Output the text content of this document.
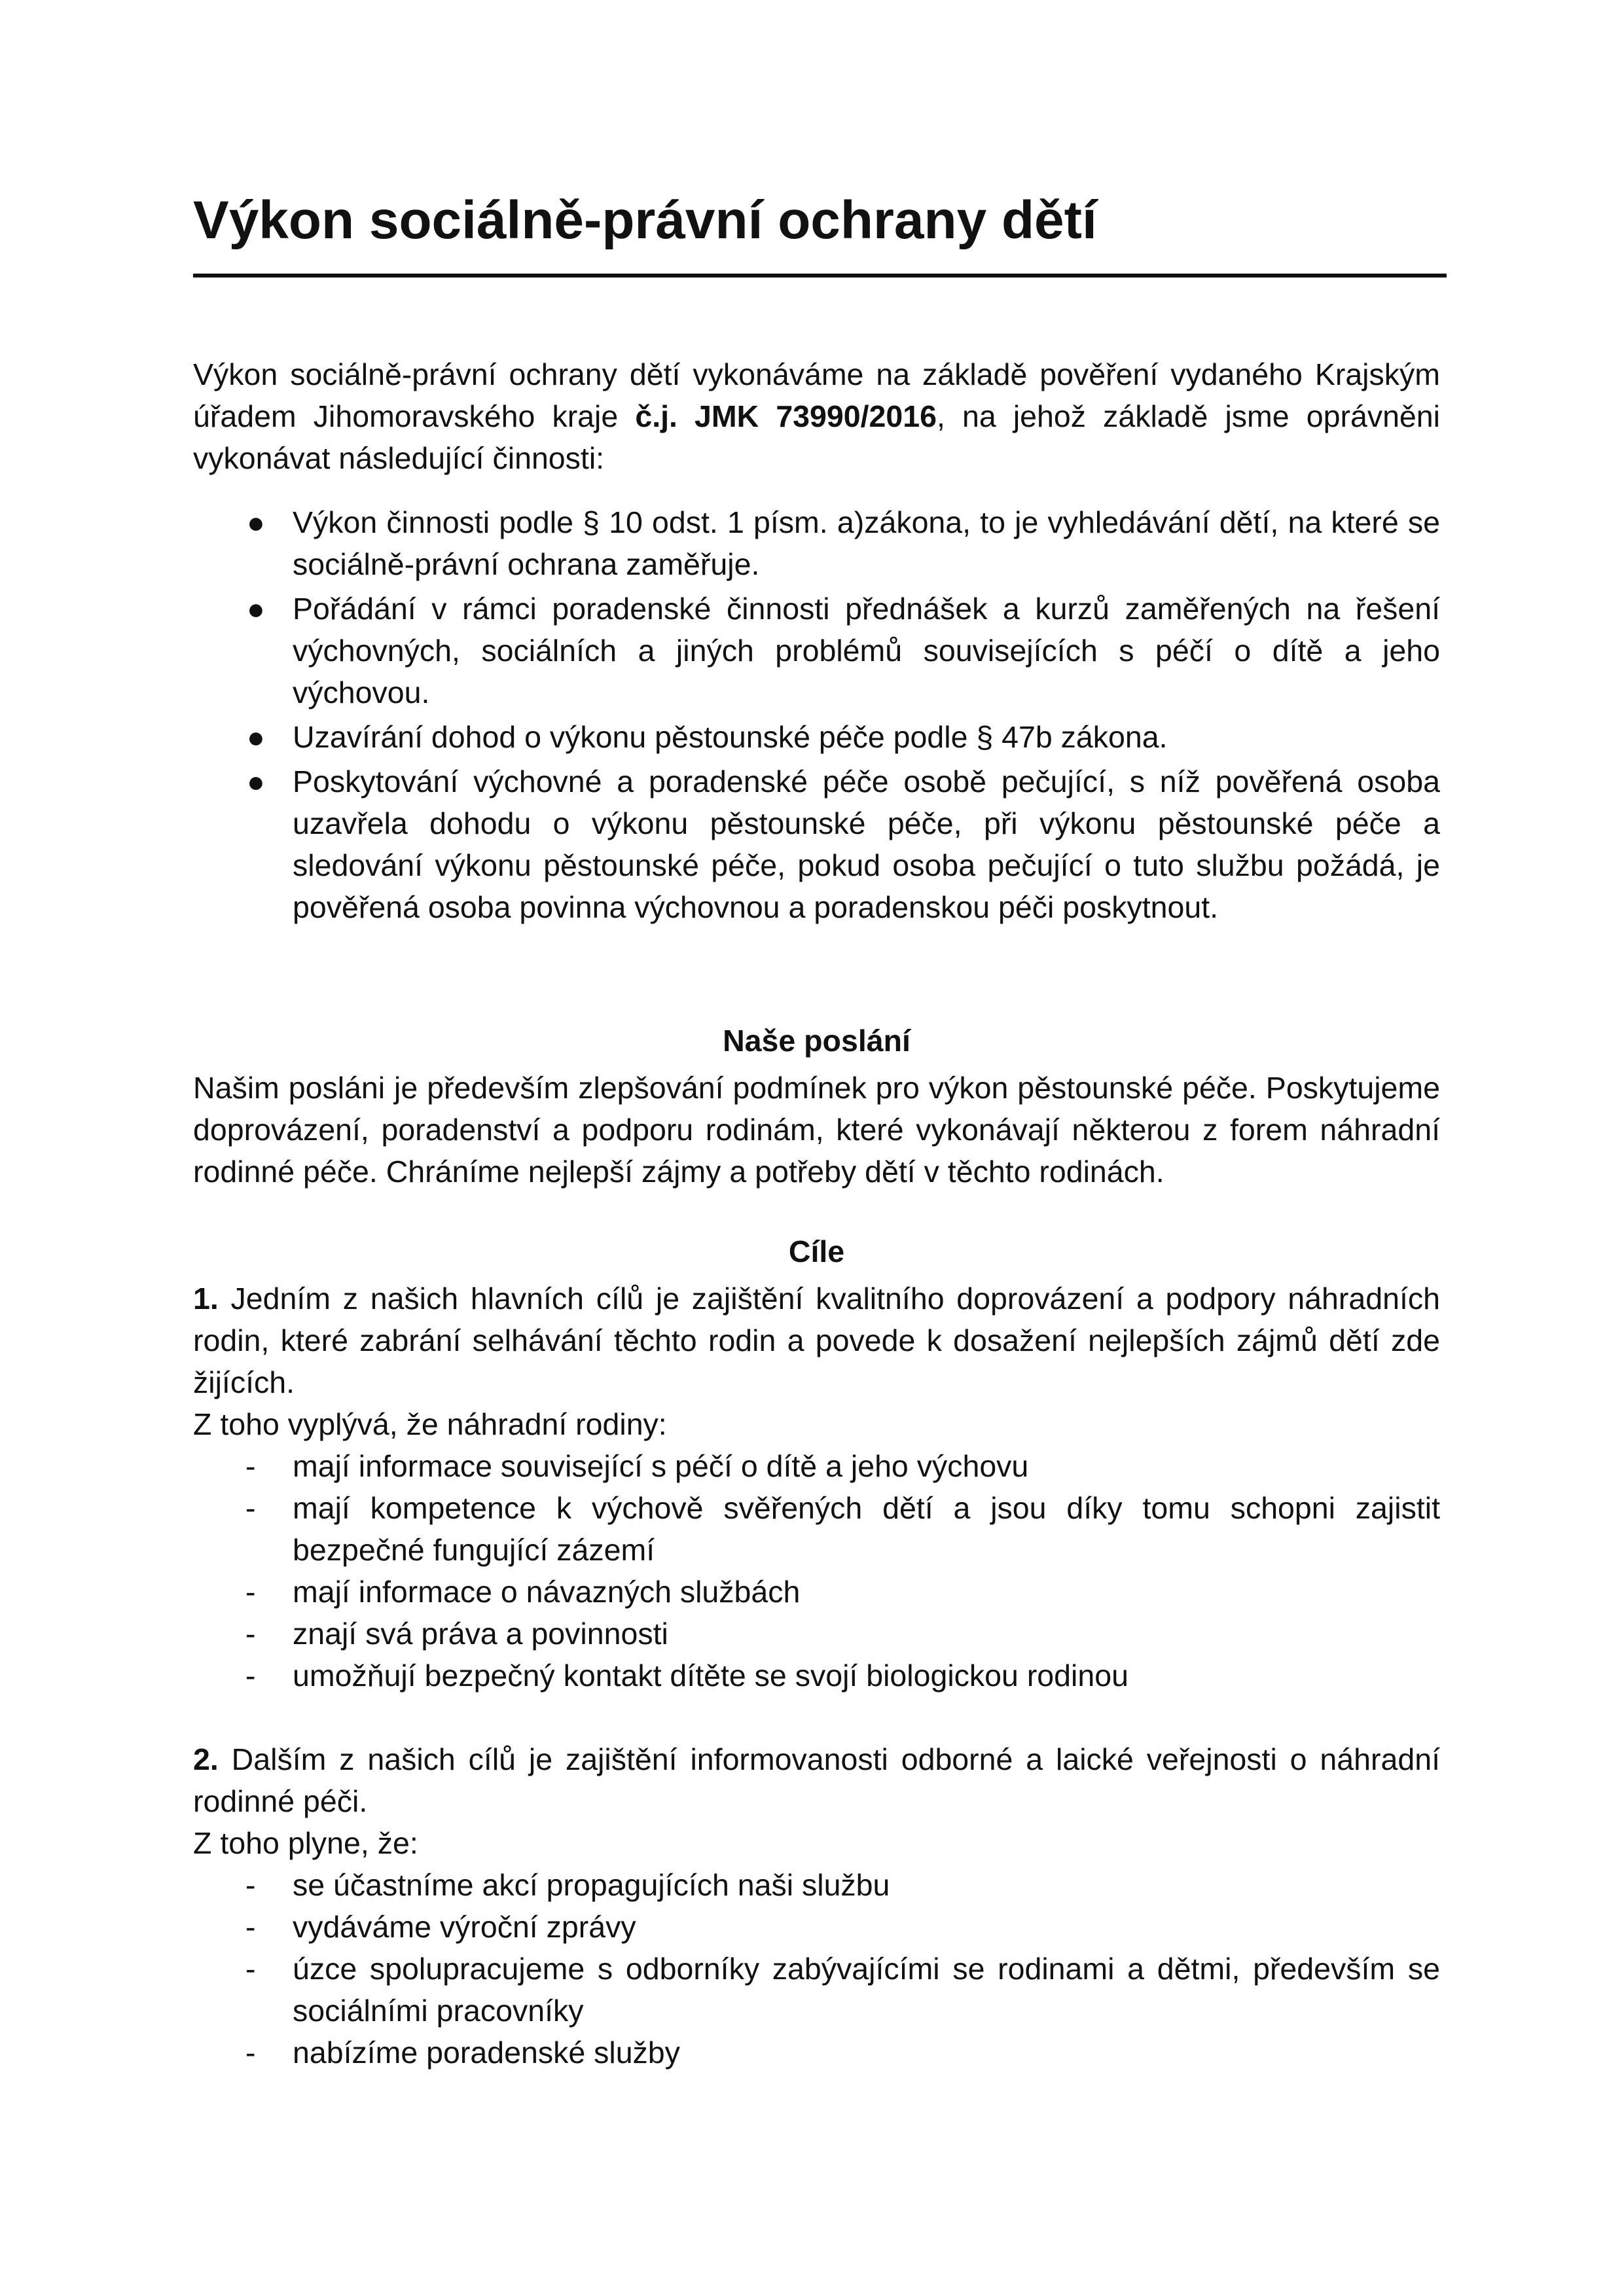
Výkon sociálně-právní ochrany dětí

Výkon sociálně-právní ochrany dětí vykonáváme na základě pověření vydaného Krajským úřadem Jihomoravského kraje č.j. JMK 73990/2016, na jehož základě jsme oprávněni vykonávat následující činnosti:

● Výkon činnosti podle § 10 odst. 1 písm. a)zákona, to je vyhledávání dětí, na které se sociálně-právní ochrana zaměřuje.
● Pořádání v rámci poradenské činnosti přednášek a kurzů zaměřených na řešení výchovných, sociálních a jiných problémů souvisejících s péčí o dítě a jeho výchovou.
● Uzavírání dohod o výkonu pěstounské péče podle § 47b zákona.
● Poskytování výchovné a poradenské péče osobě pečující, s níž pověřená osoba uzavřela dohodu o výkonu pěstounské péče, při výkonu pěstounské péče a sledování výkonu pěstounské péče, pokud osoba pečující o tuto službu požádá, je pověřená osoba povinna výchovnou a poradenskou péči poskytnout.

Naše poslání

Našim posláni je především zlepšování podmínek pro výkon pěstounské péče. Poskytujeme doprovázení, poradenství a podporu rodinám, které vykonávají některou z forem náhradní rodinné péče. Chráníme nejlepší zájmy a potřeby dětí v těchto rodinách.

Cíle

1. Jedním z našich hlavních cílů je zajištění kvalitního doprovázení a podpory náhradních rodin, které zabrání selhávání těchto rodin a povede k dosažení nejlepších zájmů dětí zde žijících.

Z toho vyplývá, že náhradní rodiny:

- mají informace související s péčí o dítě a jeho výchovu
- mají kompetence k výchově svěřených dětí a jsou díky tomu schopni zajistit bezpečné fungující zázemí
- mají informace o návazných službách
- znají svá práva a povinnosti
- umožňují bezpečný kontakt dítěte se svojí biologickou rodinou

2. Dalším z našich cílů je zajištění informovanosti odborné a laické veřejnosti o náhradní rodinné péči.

Z toho plyne, že:

- se účastníme akcí propagujících naši službu
- vydáváme výroční zprávy
- úzce spolupracujeme s odborníky zabývajícími se rodinami a dětmi, především se sociálními pracovníky
- nabízíme poradenské služby
